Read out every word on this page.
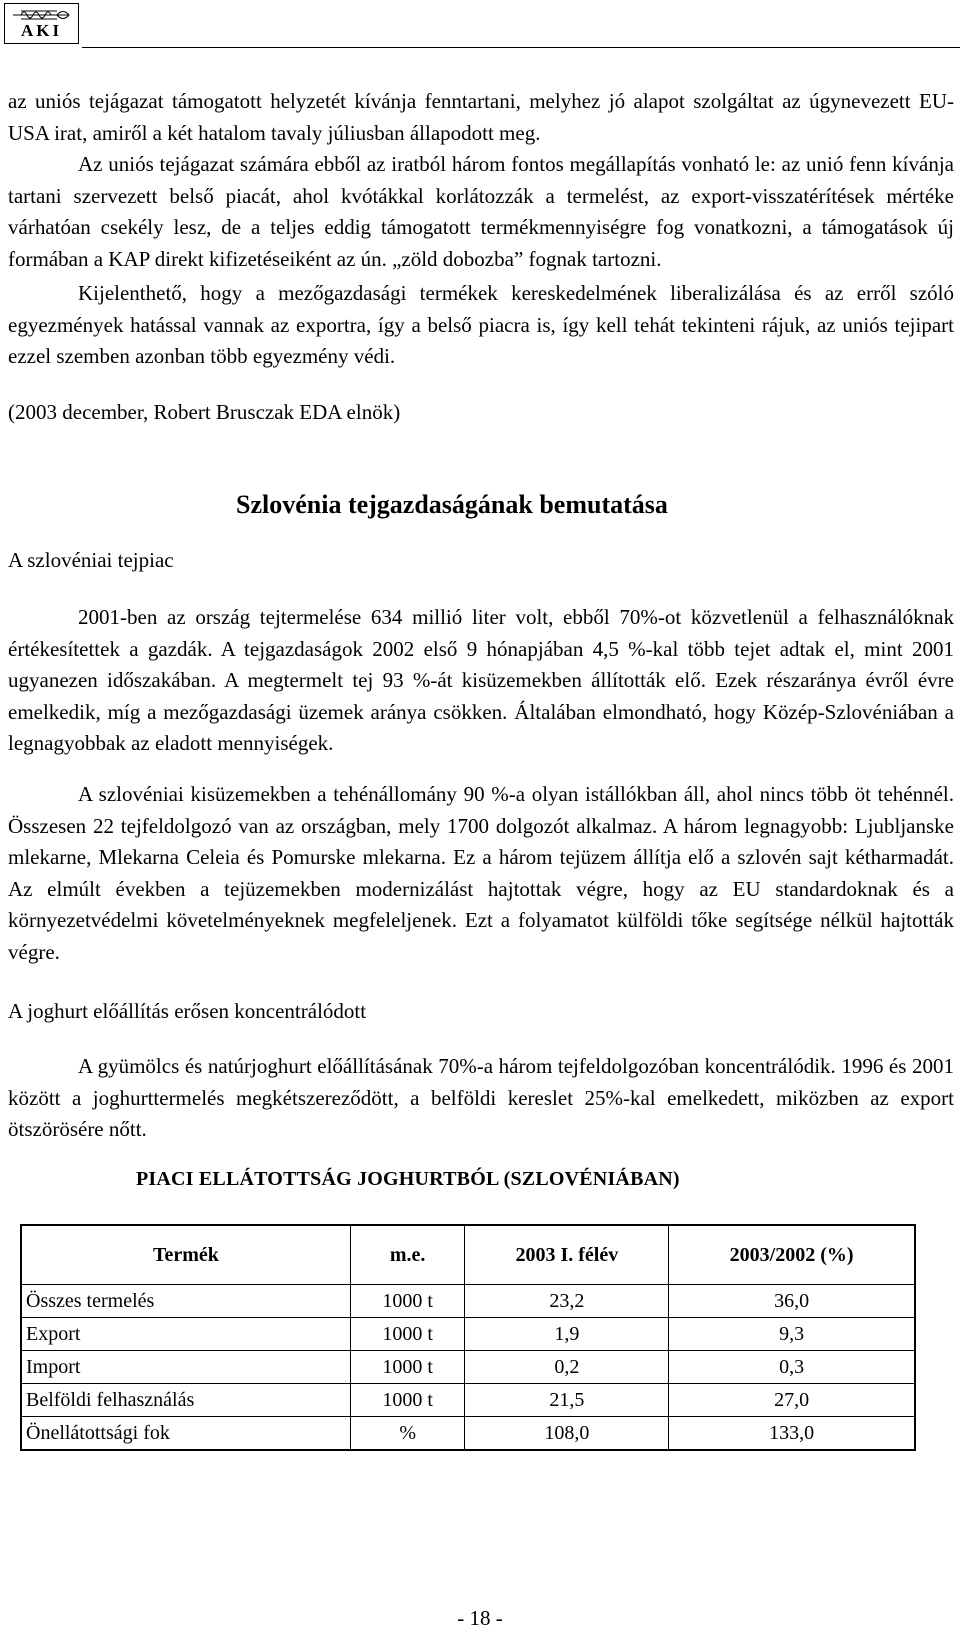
AKI

az uniós tejágazat támogatott helyzetét kívánja fenntartani, melyhez jó alapot szolgáltat az úgynevezett EU-USA irat, amiről a két hatalom tavaly júliusban állapodott meg.

Az uniós tejágazat számára ebből az iratból három fontos megállapítás vonható le: az unió fenn kívánja tartani szervezett belső piacát, ahol kvótákkal korlátozzák a termelést, az export-visszatérítések mértéke várhatóan csekély lesz, de a teljes eddig támogatott termékmennyiségre fog vonatkozni, a támogatások új formában a KAP direkt kifizetéseiként az ún. „zöld dobozba” fognak tartozni.

Kijelenthető, hogy a mezőgazdasági termékek kereskedelmének liberalizálása és az erről szóló egyezmények hatással vannak az exportra, így a belső piacra is, így kell tehát tekinteni rájuk, az uniós tejipart ezzel szemben azonban több egyezmény védi.

(2003 december, Robert Brusczak EDA elnök)

Szlovénia tejgazdaságának bemutatása

A szlovéniai tejpiac

2001-ben az ország tejtermelése 634 millió liter volt, ebből 70%-ot közvetlenül a felhasználóknak értékesítettek a gazdák. A tejgazdaságok 2002 első 9 hónapjában 4,5 %-kal több tejet adtak el, mint 2001 ugyanezen időszakában. A megtermelt tej 93 %-át kisüzemekben állították elő. Ezek részaránya évről évre emelkedik, míg a mezőgazdasági üzemek aránya csökken. Általában elmondható, hogy Közép-Szlovéniában a legnagyobbak az eladott mennyiségek.

A szlovéniai kisüzemekben a tehénállomány 90 %-a olyan istállókban áll, ahol nincs több öt tehénnél. Összesen 22 tejfeldolgozó van az országban, mely 1700 dolgozót alkalmaz. A három legnagyobb: Ljubljanske mlekarne, Mlekarna Celeia és Pomurske mlekarna. Ez a három tejüzem állítja elő a szlovén sajt kétharmadát. Az elmúlt években a tejüzemekben modernizálást hajtottak végre, hogy az EU standardoknak és a környezetvédelmi követelményeknek megfeleljenek. Ezt a folyamatot külföldi tőke segítsége nélkül hajtották végre.

A joghurt előállítás erősen koncentrálódott

A gyümölcs és natúrjoghurt előállításának 70%-a három tejfeldolgozóban koncentrálódik. 1996 és 2001 között a joghurttermelés megkétszereződött, a belföldi kereslet 25%-kal emelkedett, miközben az export ötszörösére nőtt.

PIACI ELLÁTOTTSÁG JOGHURTBÓL (SZLOVÉNIÁBAN)

Termék	m.e.	2003 I. félév	2003/2002 (%)
Összes termelés	1000 t	23,2	36,0
Export	1000 t	1,9	9,3
Import	1000 t	0,2	0,3
Belföldi felhasználás	1000 t	21,5	27,0
Önellátottsági fok	%	108,0	133,0
- 18 -
